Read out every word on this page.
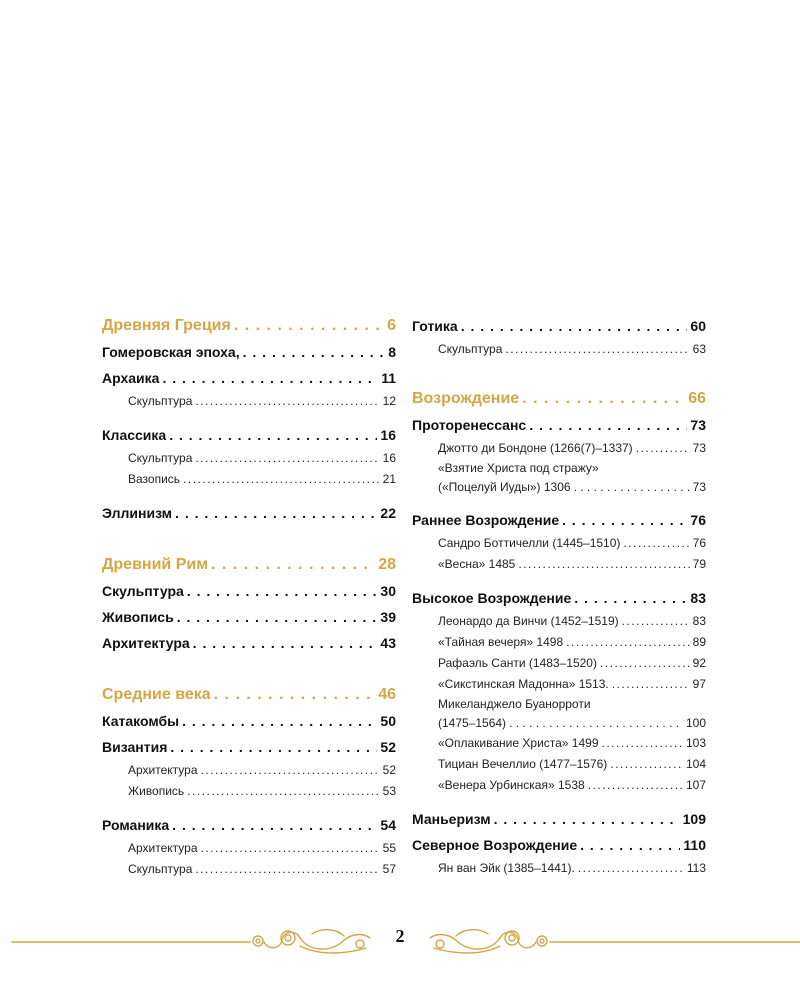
Древняя Греция . . .	6
Гомеровская эпоха, . . .	8
Архаика . . .	11
Скульптура .....	12
Классика . . .	16
Скульптура .....	16
Вазопись .....	21
Эллинизм . . .	22
Древний Рим . . .	28
Скульптура . . .	30
Живопись . . .	39
Архитектура . . .	43
Средние века . . .	46
Катакомбы . . .	50
Византия . . .	52
Архитектура .....	52
Живопись .....	53
Романика . . .	54
Архитектура .....	55
Скульптура .....	57
Готика . . .	60
Скульптура .....	63
Возрождение . . .	66
Проторенессанс . . .	73
Джотто ди Бондоне (1266(7)–1337) .....	73
«Взятие Христа под стражу»
(«Поцелуй Иуды») 1306 . . .	73
Раннее Возрождение . . .	76
Сандро Боттичелли (1445–1510) .....	76
«Весна» 1485 .....	79
Высокое Возрождение . . .	83
Леонардо да Винчи (1452–1519) .....	83
«Тайная вечеря» 1498 .....	89
Рафаэль Санти (1483–1520) .....	92
«Сикстинская Мадонна» 1513. .....	97
Микеланджело Буанорроти
(1475–1564) . . .	100
«Оплакивание Христа» 1499 .....	103
Тициан Вечеллио (1477–1576) .....	104
«Венера Урбинская» 1538 .....	107
Маньеризм . . .	109
Северное Возрождение . . .	110
Ян ван Эйк (1385–1441). .....	113
2
